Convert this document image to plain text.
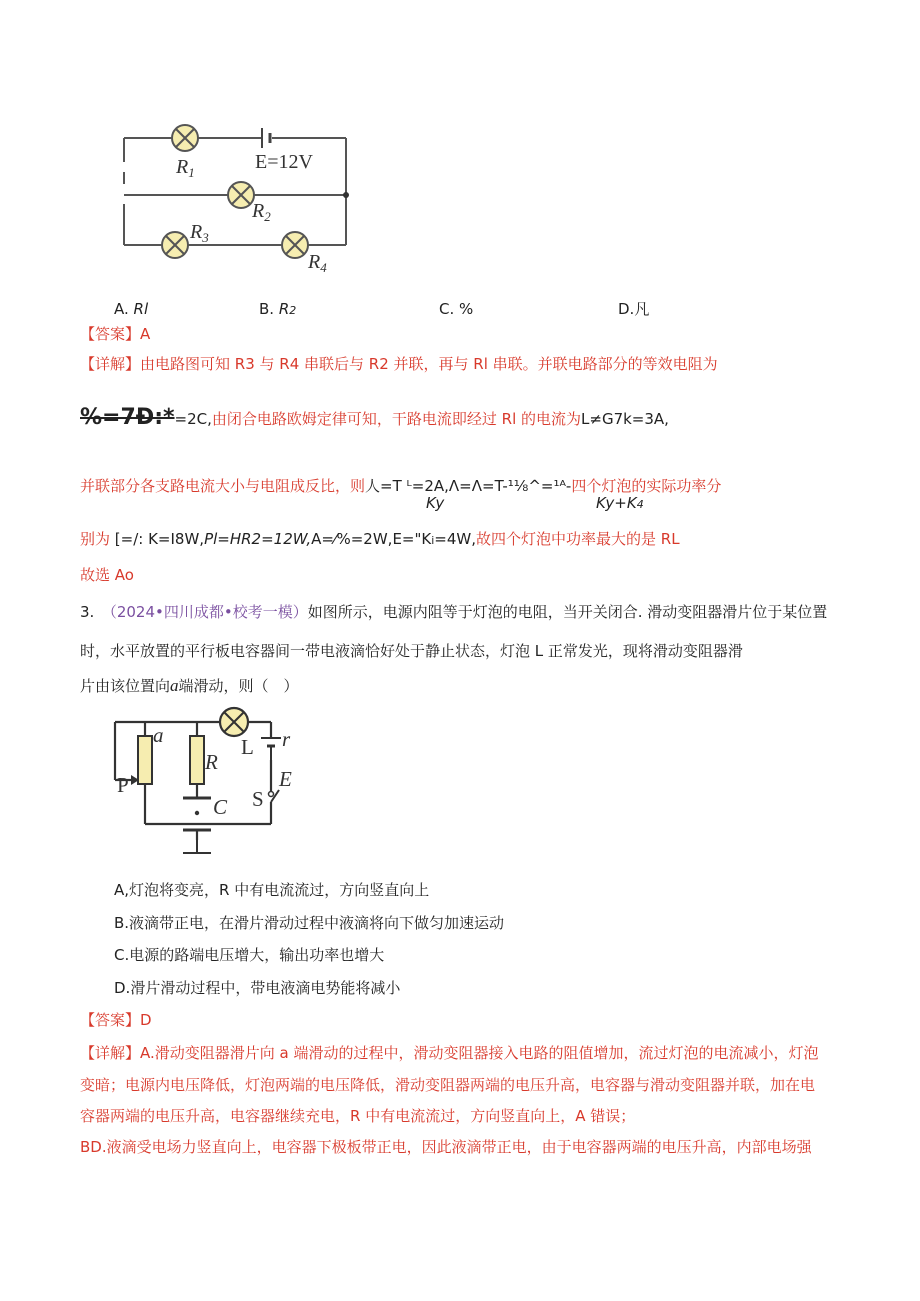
$R_1$	E=12V
$R_2$
$R_3$
$R_4$
A. Rl	B. R2	C. %	D.凡
【答案】A
【详解】由电路图可知 R3 与 R4 串联后与 R2 并联，再与 Rl 串联。并联电路部分的等效电阻为
%=7Ð:*=2C,由闭合电路欧姆定律可知，干路电流即经过 Rl 的电流为L≠G7k=3A,
并联部分各支路电流大小与电阻成反比，则人=T ᴸ=2A,Λ=Λ=T-¹⅛^=¹ᴬ-四个灯泡的实际功率分
Ky	Ky+K4
别为 [=/: K=I8W,Pl=HR2=12W,A=⁄%=2W,E="Ki=4W,故四个灯泡中功率最大的是 RL
故选 Ao
3.　 （2024•四川成都•校考一模）如图所示，电源内阻等于灯泡的电阻，当开关闭合. 滑动变阻器滑片位于某位置
时，水平放置的平行板电容器间一带电液滴恰好处于静止状态，灯泡 L 正常发光，现将滑动变阻器滑
片由该位置向a端滑动，则（　）
a
R
L r
P
C S
E
A,灯泡将变亮，R 中有电流流过，方向竖直向上
B.液滴带正电，在滑片滑动过程中液滴将向下做匀加速运动
C.电源的路端电压增大，输出功率也增大
D.滑片滑动过程中，带电液滴电势能将减小
【答案】D
【详解】A.滑动变阻器滑片向 a 端滑动的过程中，滑动变阻器接入电路的阻值增加，流过灯泡的电流减小，灯泡
变暗；电源内电压降低，灯泡两端的电压降低，滑动变阻器两端的电压升高，电容器与滑动变阻器并联，加在电
容器两端的电压升高，电容器继续充电，R 中有电流流过，方向竖直向上，A 错误；
BD.液滴受电场力竖直向上，电容器下极板带正电，因此液滴带正电，由于电容器两端的电压升高，内部电场强
